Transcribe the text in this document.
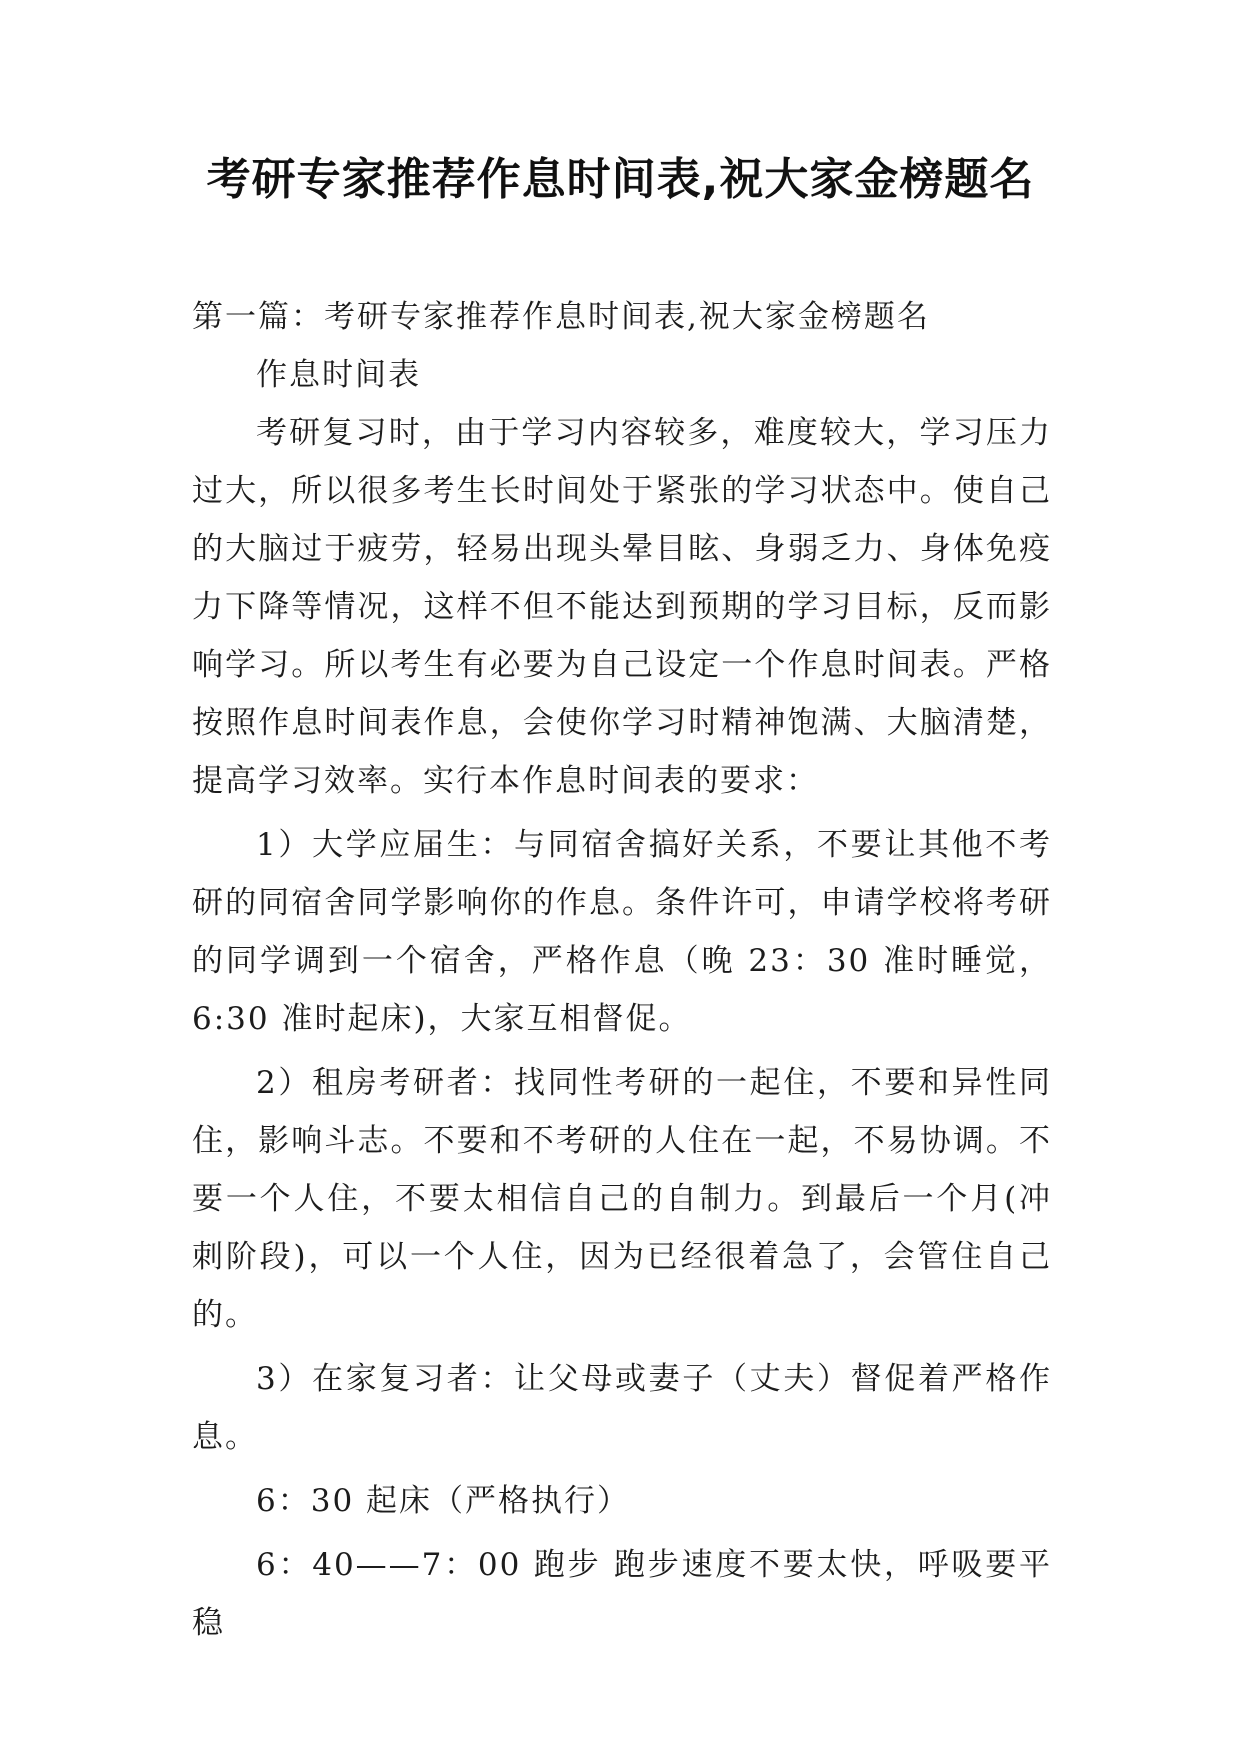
考研专家推荐作息时间表,祝大家金榜题名

第一篇：考研专家推荐作息时间表,祝大家金榜题名

作息时间表

考研复习时，由于学习内容较多，难度较大，学习压力过大，所以很多考生长时间处于紧张的学习状态中。使自己的大脑过于疲劳，轻易出现头晕目眩、身弱乏力、身体免疫力下降等情况，这样不但不能达到预期的学习目标，反而影响学习。所以考生有必要为自己设定一个作息时间表。严格按照作息时间表作息，会使你学习时精神饱满、大脑清楚，提高学习效率。实行本作息时间表的要求：

1）大学应届生：与同宿舍搞好关系，不要让其他不考研的同宿舍同学影响你的作息。条件许可，申请学校将考研的同学调到一个宿舍，严格作息（晚 23：30 准时睡觉，6:30 准时起床)，大家互相督促。

2）租房考研者：找同性考研的一起住，不要和异性同住，影响斗志。不要和不考研的人住在一起，不易协调。不要一个人住，不要太相信自己的自制力。到最后一个月(冲刺阶段)，可以一个人住，因为已经很着急了，会管住自己的。

3）在家复习者：让父母或妻子（丈夫）督促着严格作息。

6：30 起床（严格执行）

6：40——7：00 跑步 跑步速度不要太快，呼吸要平稳
